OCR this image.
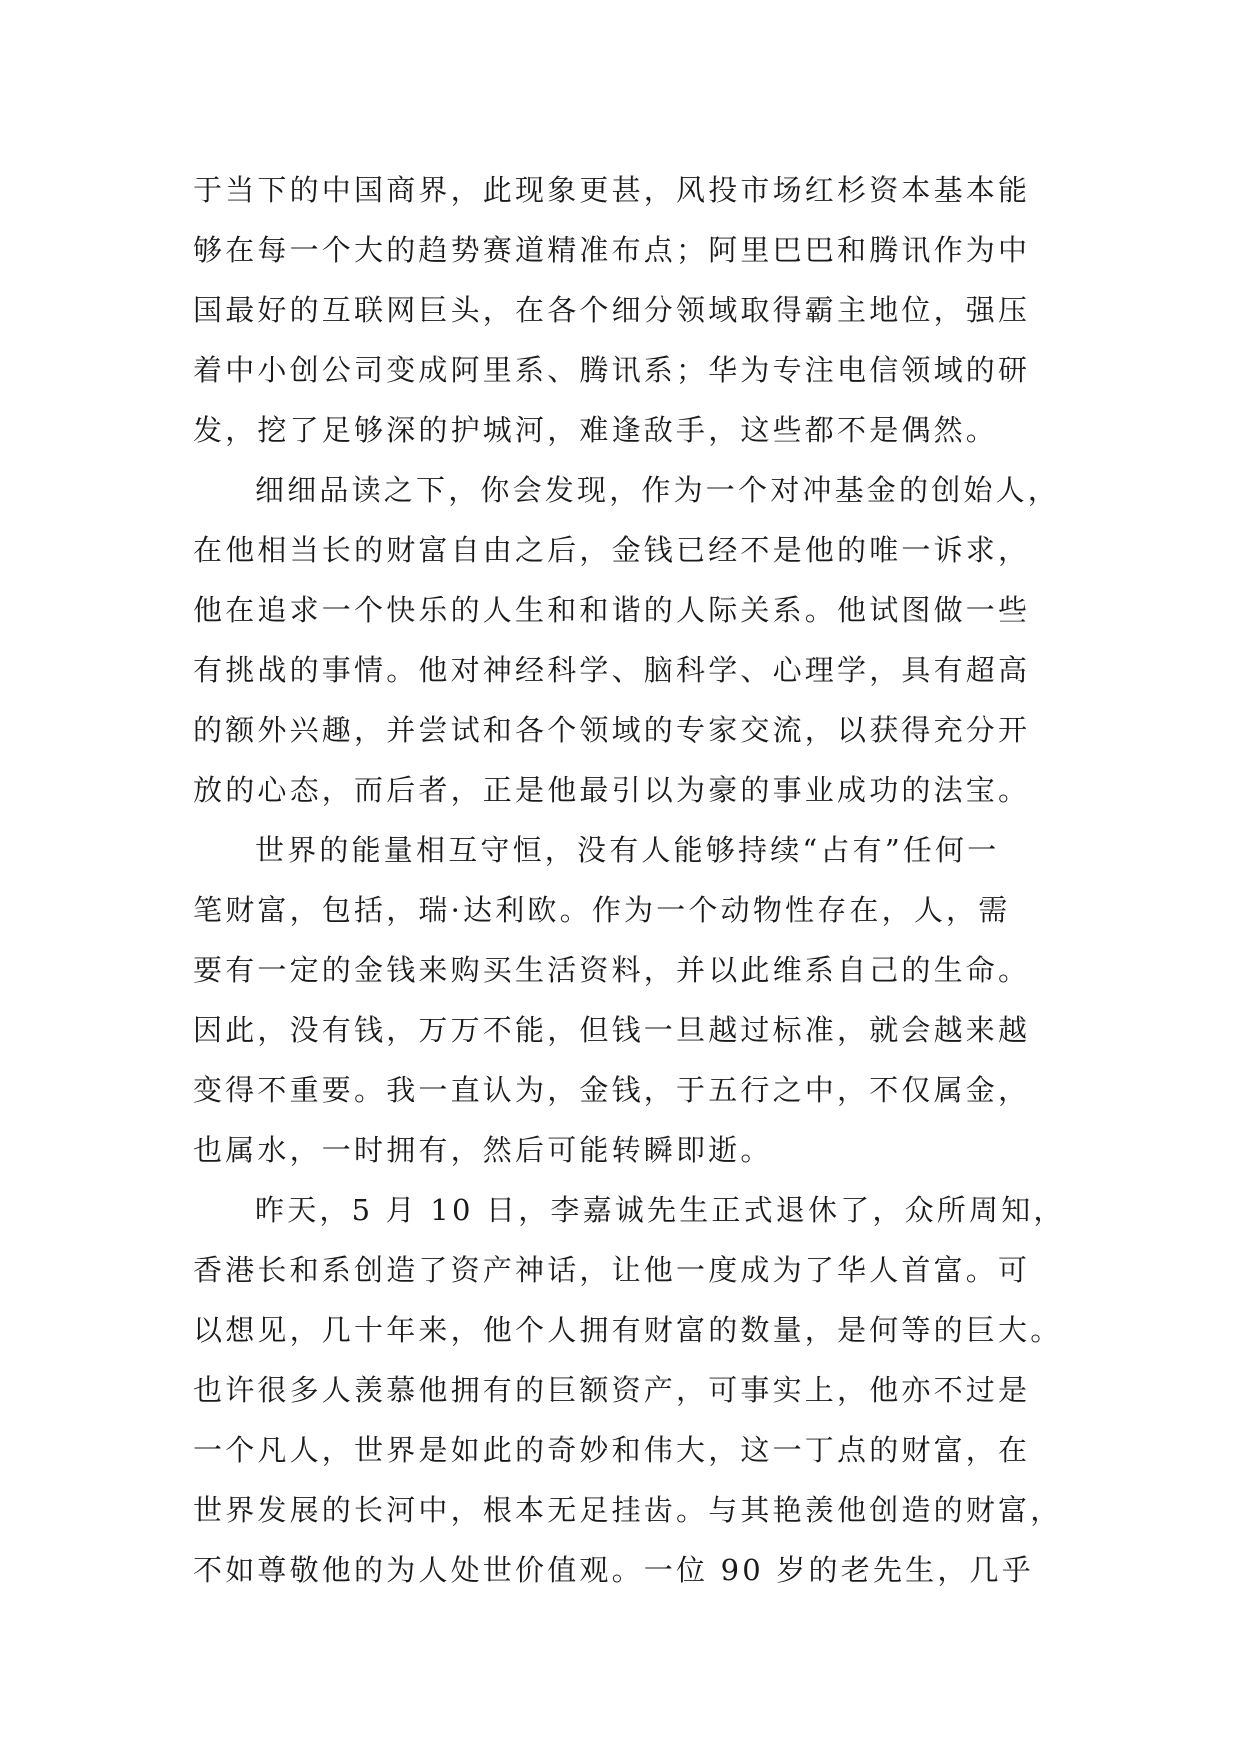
于当下的中国商界，此现象更甚，风投市场红杉资本基本能
够在每一个大的趋势赛道精准布点；阿里巴巴和腾讯作为中
国最好的互联网巨头，在各个细分领域取得霸主地位，强压
着中小创公司变成阿里系、腾讯系；华为专注电信领域的研
发，挖了足够深的护城河，难逢敌手，这些都不是偶然。
细细品读之下，你会发现，作为一个对冲基金的创始人，
在他相当长的财富自由之后，金钱已经不是他的唯一诉求，
他在追求一个快乐的人生和和谐的人际关系。他试图做一些
有挑战的事情。他对神经科学、脑科学、心理学，具有超高
的额外兴趣，并尝试和各个领域的专家交流，以获得充分开
放的心态，而后者，正是他最引以为豪的事业成功的法宝。
世界的能量相互守恒，没有人能够持续“占有”任何一
笔财富，包括，瑞·达利欧。作为一个动物性存在，人，需
要有一定的金钱来购买生活资料，并以此维系自己的生命。
因此，没有钱，万万不能，但钱一旦越过标准，就会越来越
变得不重要。我一直认为，金钱，于五行之中，不仅属金，
也属水，一时拥有，然后可能转瞬即逝。
昨天，5 月 10 日，李嘉诚先生正式退休了，众所周知，
香港长和系创造了资产神话，让他一度成为了华人首富。可
以想见，几十年来，他个人拥有财富的数量，是何等的巨大。
也许很多人羡慕他拥有的巨额资产，可事实上，他亦不过是
一个凡人，世界是如此的奇妙和伟大，这一丁点的财富，在
世界发展的长河中，根本无足挂齿。与其艳羡他创造的财富，
不如尊敬他的为人处世价值观。一位 90 岁的老先生，几乎
